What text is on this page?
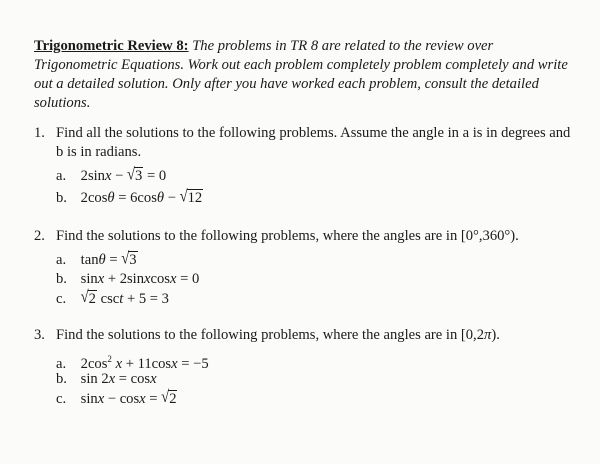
Trigonometric Review 8: The problems in TR 8 are related to the review over Trigonometric Equations. Work out each problem completely problem completely and write out a detailed solution. Only after you have worked each problem, consult the detailed solutions.
1. Find all the solutions to the following problems. Assume the angle in a is in degrees and b is in radians.
a. 2sinx − √3 = 0
b. 2cosθ = 6cosθ − √12
2. Find the solutions to the following problems, where the angles are in [0°,360°).
a. tanθ = √3
b. sinx + 2sinxcosx = 0
c. √2 csct + 5 = 3
3. Find the solutions to the following problems, where the angles are in [0,2π).
a. $2\cos^2$ x + 11cosx = −5
b. sin 2x = cosx
c. sinx − cosx = √2
